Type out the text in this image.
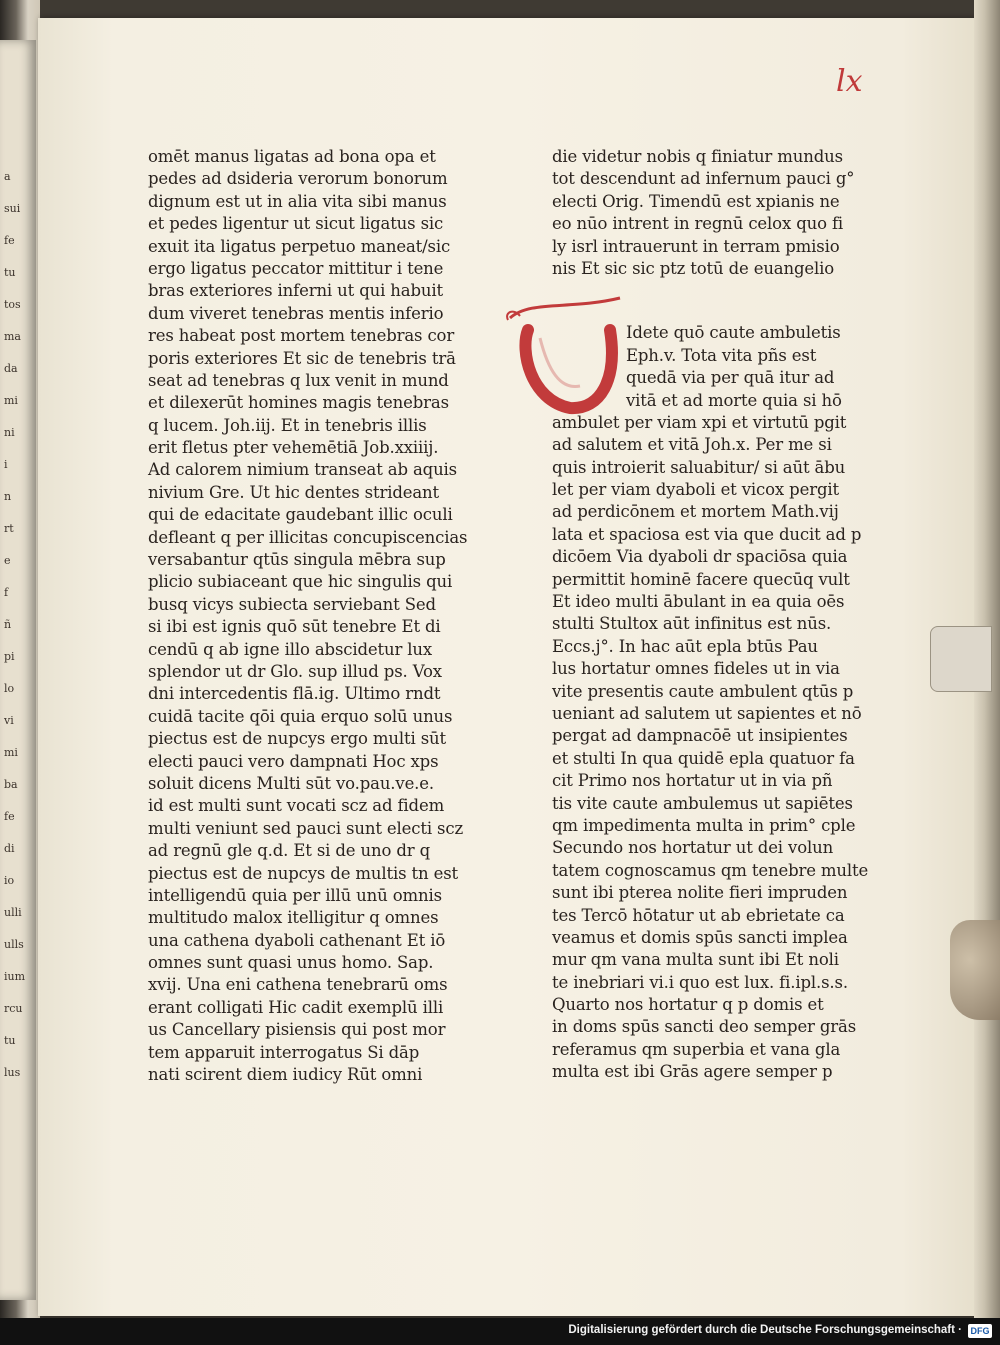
a
sui
fe
tu
tos
ma
da
mi
ni
i
n
rt
e
f
ñ
pi
lo
vi
mi
ba
fe
di
io
ulli
ulls
ium
rcu
tu
lus
lx
omēt manus ligatas ad bona opa et
pedes ad dsideria verorum bonorum
dignum est ut in alia vita sibi manus
et pedes ligentur ut sicut ligatus sic
exuit ita ligatus perpetuo maneat/sic
ergo ligatus peccator mittitur i tene
bras exteriores inferni ut qui habuit
dum viveret tenebras mentis inferio
res habeat post mortem tenebras cor
poris exteriores Et sic de tenebris trā
seat ad tenebras q lux venit in mund
et dilexerūt homines magis tenebras
q lucem. Joh.iij. Et in tenebris illis
erit fletus pter vehemētiā Job.xxiiij.
Ad calorem nimium transeat ab aquis
nivium Gre. Ut hic dentes strideant
qui de edacitate gaudebant illic oculi
defleant q per illicitas concupiscencias
versabantur qtūs singula mēbra sup
plicio subiaceant que hic singulis qui
busq vicys subiecta serviebant Sed
si ibi est ignis quō sūt tenebre Et di
cendū q ab igne illo abscidetur lux
splendor ut dr Glo. sup illud ps. Vox
dni intercedentis flā.ig. Ultimo rndt
cuidā tacite qōi quia erquo solū unus
piectus est de nupcys ergo multi sūt
electi pauci vero dampnati Hoc xps
soluit dicens Multi sūt vo.pau.ve.e.
id est multi sunt vocati scz ad fidem
multi veniunt sed pauci sunt electi scz
ad regnū gle q.d. Et si de uno dr q
piectus est de nupcys de multis tn est
intelligendū quia per illū unū omnis
multitudo malox itelligitur q omnes
una cathena dyaboli cathenant Et iō
omnes sunt quasi unus homo. Sap.
xvij. Una eni cathena tenebrarū oms
erant colligati Hic cadit exemplū illi
us Cancellary pisiensis qui post mor
tem apparuit interrogatus Si dāp
nati scirent diem iudicy Rūt omni
die videtur nobis q finiatur mundus
tot descendunt ad infernum pauci g°
electi Orig. Timendū est xpianis ne
eo nūo intrent in regnū celox quo fi
ly isrl intrauerunt in terram pmisio
nis Et sic sic ptz totū de euangelio
Idete quō caute ambuletis
Eph.v. Tota vita pñs est
quedā via per quā itur ad
vitā et ad morte quia si hō
ambulet per viam xpi et virtutū pgit
ad salutem et vitā Joh.x. Per me si
quis introierit saluabitur/ si aūt ābu
let per viam dyaboli et vicox pergit
ad perdicōnem et mortem Math.vij
lata et spaciosa est via que ducit ad p
dicōem Via dyaboli dr spaciōsa quia
permittit hominē facere quecūq vult
Et ideo multi ābulant in ea quia oēs
stulti Stultox aūt infinitus est nūs.
Eccs.j°. In hac aūt epla btūs Pau
lus hortatur omnes fideles ut in via
vite presentis caute ambulent qtūs p
ueniant ad salutem ut sapientes et nō
pergat ad dampnacōē ut insipientes
et stulti In qua quidē epla quatuor fa
cit Primo nos hortatur ut in via pñ
tis vite caute ambulemus ut sapiētes
qm impedimenta multa in prim° cple
Secundo nos hortatur ut dei volun
tatem cognoscamus qm tenebre multe
sunt ibi pterea nolite fieri impruden
tes Tercō hōtatur ut ab ebrietate ca
veamus et domis spūs sancti implea
mur qm vana multa sunt ibi Et noli
te inebriari vi.i quo est lux. fi.ipl.s.s.
Quarto nos hortatur q p domis et
in doms spūs sancti deo semper grās
referamus qm superbia et vana gla
multa est ibi Grās agere semper p
Digitalisierung gefördert durch die Deutsche Forschungsgemeinschaft · DFG
